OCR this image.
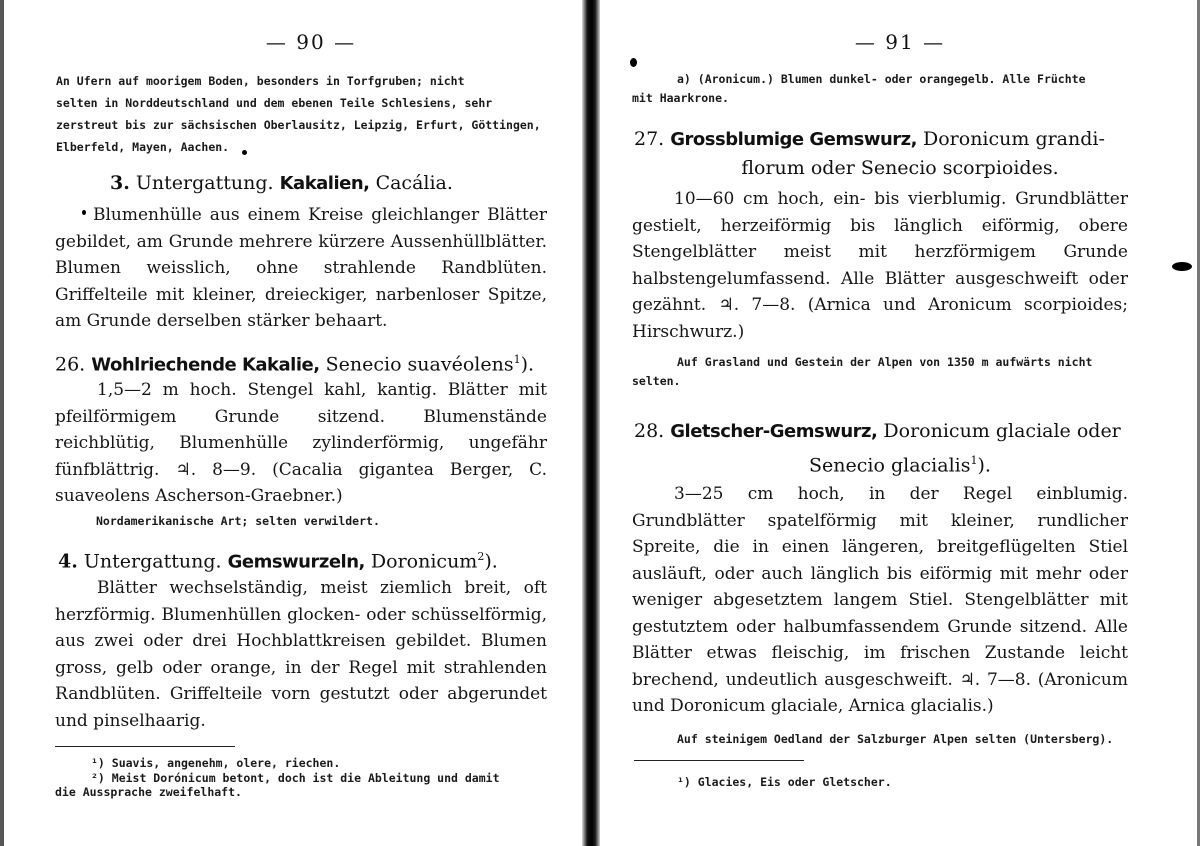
— 90 —
An Ufern auf moorigem Boden, besonders in Torfgruben; nicht
selten in Norddeutschland und dem ebenen Teile Schlesiens, sehr
zerstreut bis zur sächsischen Oberlausitz, Leipzig, Erfurt, Göttingen,
Elberfeld, Mayen, Aachen.
3. Untergattung. Kakalien, Cacália.
Blumenhülle aus einem Kreise gleichlanger Blätter gebildet, am Grunde mehrere kürzere Aussenhüllblätter. Blumen weisslich, ohne strahlende Randblüten. Griffelteile mit kleiner, dreieckiger, narbenloser Spitze, am Grunde derselben stärker behaart.
26. Wohlriechende Kakalie, Senecio suavéolens$^1$).
1,5—2 m hoch. Stengel kahl, kantig. Blätter mit pfeilförmigem Grunde sitzend. Blumenstände reichblütig, Blumenhülle zylinderförmig, ungefähr fünfblättrig. ♃. 8—9. (Cacalia gigantea Berger, C. suaveolens Ascherson-Graebner.)
Nordamerikanische Art; selten verwildert.
4. Untergattung. Gemswurzeln, Doronicum$^2$).
Blätter wechselständig, meist ziemlich breit, oft herzförmig. Blumenhüllen glocken- oder schüsselförmig, aus zwei oder drei Hochblattkreisen gebildet. Blumen gross, gelb oder orange, in der Regel mit strahlenden Randblüten. Griffelteile vorn gestutzt oder abgerundet und pinselhaarig.
¹) Suavis, angenehm, olere, riechen.
²) Meist Dorónicum betont, doch ist die Ableitung und damit
die Aussprache zweifelhaft.
— 91 —
a) (Aronicum.) Blumen dunkel- oder orangegelb. Alle Früchte
mit Haarkrone.
27. Grossblumige Gemswurz, Doronicum grandi-
florum oder Senecio scorpioides.
10—60 cm hoch, ein- bis vierblumig. Grundblätter gestielt, herzeiförmig bis länglich eiförmig, obere Stengelblätter meist mit herzförmigem Grunde halbstengelumfassend. Alle Blätter ausgeschweift oder gezähnt. ♃. 7—8. (Arnica und Aronicum scorpioides; Hirschwurz.)
Auf Grasland und Gestein der Alpen von 1350 m aufwärts nicht
selten.
28. Gletscher-Gemswurz, Doronicum glaciale oder
Senecio glacialis$^1$).
3—25 cm hoch, in der Regel einblumig. Grundblätter spatelförmig mit kleiner, rundlicher Spreite, die in einen längeren, breitgeflügelten Stiel ausläuft, oder auch länglich bis eiförmig mit mehr oder weniger abgesetztem langem Stiel. Stengelblätter mit gestutztem oder halbumfassendem Grunde sitzend. Alle Blätter etwas fleischig, im frischen Zustande leicht brechend, undeutlich ausgeschweift. ♃. 7—8. (Aronicum und Doronicum glaciale, Arnica glacialis.)
Auf steinigem Oedland der Salzburger Alpen selten (Untersberg).
¹) Glacies, Eis oder Gletscher.
